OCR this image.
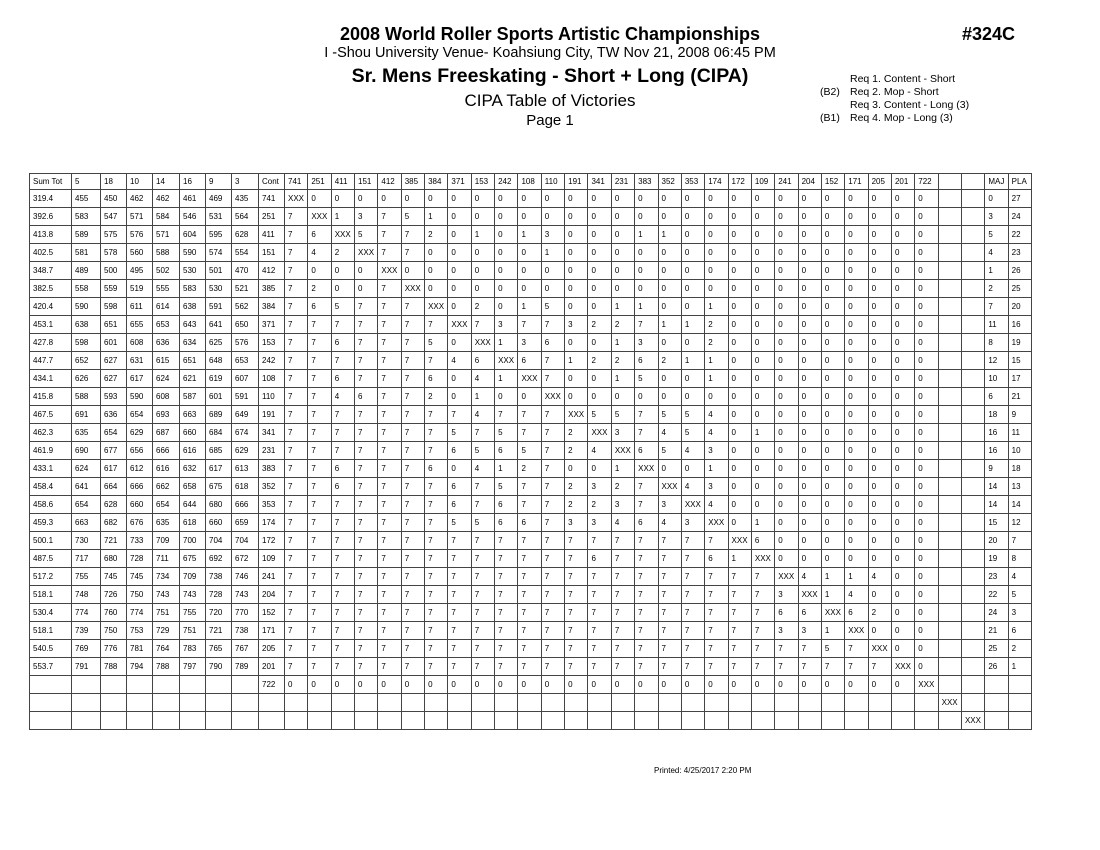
2008 World Roller Sports Artistic Championships	#324C
I -Shou University Venue- Koahsiung City, TW Nov 21, 2008 06:45 PM
Sr. Mens Freeskating - Short + Long (CIPA)
CIPA Table of Victories
Page 1
Req 1. Content - Short
(B2) Req 2. Mop - Short
Req 3. Content - Long (3)
(B1) Req 4. Mop - Long (3)
Sum Tot	5	18	10	14	16	9	3	Cont	741	251	411	151	412	385	384	371	153	242	108	110	191	341	231	383	352	353	174	172	109	241	204	152	171	205	201	722			MAJ	PLA
319.4	455	450	462	462	461	469	435	741	XXX	0	0	0	0	0	0	0	0	0	0	0	0	0	0	0	0	0	0	0	0	0	0	0	0	0	0	0			0	27
392.6	583	547	571	584	546	531	564	251	7	XXX	1	3	7	5	1	0	0	0	0	0	0	0	0	0	0	0	0	0	0	0	0	0	0	0	0	0			3	24
413.8	589	575	576	571	604	595	628	411	7	6	XXX	5	7	7	2	0	1	0	1	3	0	0	0	1	1	0	0	0	0	0	0	0	0	0	0	0			5	22
402.5	581	578	560	588	590	574	554	151	7	4	2	XXX	7	7	0	0	0	0	0	1	0	0	0	0	0	0	0	0	0	0	0	0	0	0	0	0			4	23
348.7	489	500	495	502	530	501	470	412	7	0	0	0	XXX	0	0	0	0	0	0	0	0	0	0	0	0	0	0	0	0	0	0	0	0	0	0	0			1	26
382.5	558	559	519	555	583	530	521	385	7	2	0	0	7	XXX	0	0	0	0	0	0	0	0	0	0	0	0	0	0	0	0	0	0	0	0	0	0			2	25
420.4	590	598	611	614	638	591	562	384	7	6	5	7	7	7	XXX	0	2	0	1	5	0	0	1	1	0	0	1	0	0	0	0	0	0	0	0	0			7	20
453.1	638	651	655	653	643	641	650	371	7	7	7	7	7	7	7	XXX	7	3	7	7	3	2	2	7	1	1	2	0	0	0	0	0	0	0	0	0			11	16
427.8	598	601	608	636	634	625	576	153	7	7	6	7	7	7	5	0	XXX	1	3	6	0	0	1	3	0	0	2	0	0	0	0	0	0	0	0	0			8	19
447.7	652	627	631	615	651	648	653	242	7	7	7	7	7	7	7	4	6	XXX	6	7	1	2	2	6	2	1	1	0	0	0	0	0	0	0	0	0			12	15
434.1	626	627	617	624	621	619	607	108	7	7	6	7	7	7	6	0	4	1	XXX	7	0	0	1	5	0	0	1	0	0	0	0	0	0	0	0	0			10	17
415.8	588	593	590	608	587	601	591	110	7	7	4	6	7	7	2	0	1	0	0	XXX	0	0	0	0	0	0	0	0	0	0	0	0	0	0	0	0			6	21
467.5	691	636	654	693	663	689	649	191	7	7	7	7	7	7	7	7	4	7	7	7	XXX	5	5	7	5	5	4	0	0	0	0	0	0	0	0	0			18	9
462.3	635	654	629	687	660	684	674	341	7	7	7	7	7	7	7	5	7	5	7	7	2	XXX	3	7	4	5	4	0	1	0	0	0	0	0	0	0			16	11
461.9	690	677	656	666	616	685	629	231	7	7	7	7	7	7	7	6	5	6	5	7	2	4	XXX	6	5	4	3	0	0	0	0	0	0	0	0	0			16	10
433.1	624	617	612	616	632	617	613	383	7	7	6	7	7	7	6	0	4	1	2	7	0	0	1	XXX	0	0	1	0	0	0	0	0	0	0	0	0			9	18
458.4	641	664	666	662	658	675	618	352	7	7	6	7	7	7	7	6	7	5	7	7	2	3	2	7	XXX	4	3	0	0	0	0	0	0	0	0	0			14	13
458.6	654	628	660	654	644	680	666	353	7	7	7	7	7	7	7	6	7	6	7	7	2	2	3	7	3	XXX	4	0	0	0	0	0	0	0	0	0			14	14
459.3	663	682	676	635	618	660	659	174	7	7	7	7	7	7	7	5	5	6	6	7	3	3	4	6	4	3	XXX	0	1	0	0	0	0	0	0	0			15	12
500.1	730	721	733	709	700	704	704	172	7	7	7	7	7	7	7	7	7	7	7	7	7	7	7	7	7	7	7	XXX	6	0	0	0	0	0	0	0			20	7
487.5	717	680	728	711	675	692	672	109	7	7	7	7	7	7	7	7	7	7	7	7	7	6	7	7	7	7	6	1	XXX	0	0	0	0	0	0	0			19	8
517.2	755	745	745	734	709	738	746	241	7	7	7	7	7	7	7	7	7	7	7	7	7	7	7	7	7	7	7	7	7	XXX	4	1	1	4	0	0			23	4
518.1	748	726	750	743	743	728	743	204	7	7	7	7	7	7	7	7	7	7	7	7	7	7	7	7	7	7	7	7	7	3	XXX	1	4	0	0	0			22	5
530.4	774	760	774	751	755	720	770	152	7	7	7	7	7	7	7	7	7	7	7	7	7	7	7	7	7	7	7	7	7	6	6	XXX	6	2	0	0			24	3
518.1	739	750	753	729	751	721	738	171	7	7	7	7	7	7	7	7	7	7	7	7	7	7	7	7	7	7	7	7	7	3	3	1	XXX	0	0	0			21	6
540.5	769	776	781	764	783	765	767	205	7	7	7	7	7	7	7	7	7	7	7	7	7	7	7	7	7	7	7	7	7	7	7	5	7	XXX	0	0			25	2
553.7	791	788	794	788	797	790	789	201	7	7	7	7	7	7	7	7	7	7	7	7	7	7	7	7	7	7	7	7	7	7	7	7	7	7	XXX	0			26	1
								722	0	0	0	0	0	0	0	0	0	0	0	0	0	0	0	0	0	0	0	0	0	0	0	0	0	0	0	XXX				
																																					XXX			
																																						XXX		
Printed: 4/25/2017 2:20 PM
